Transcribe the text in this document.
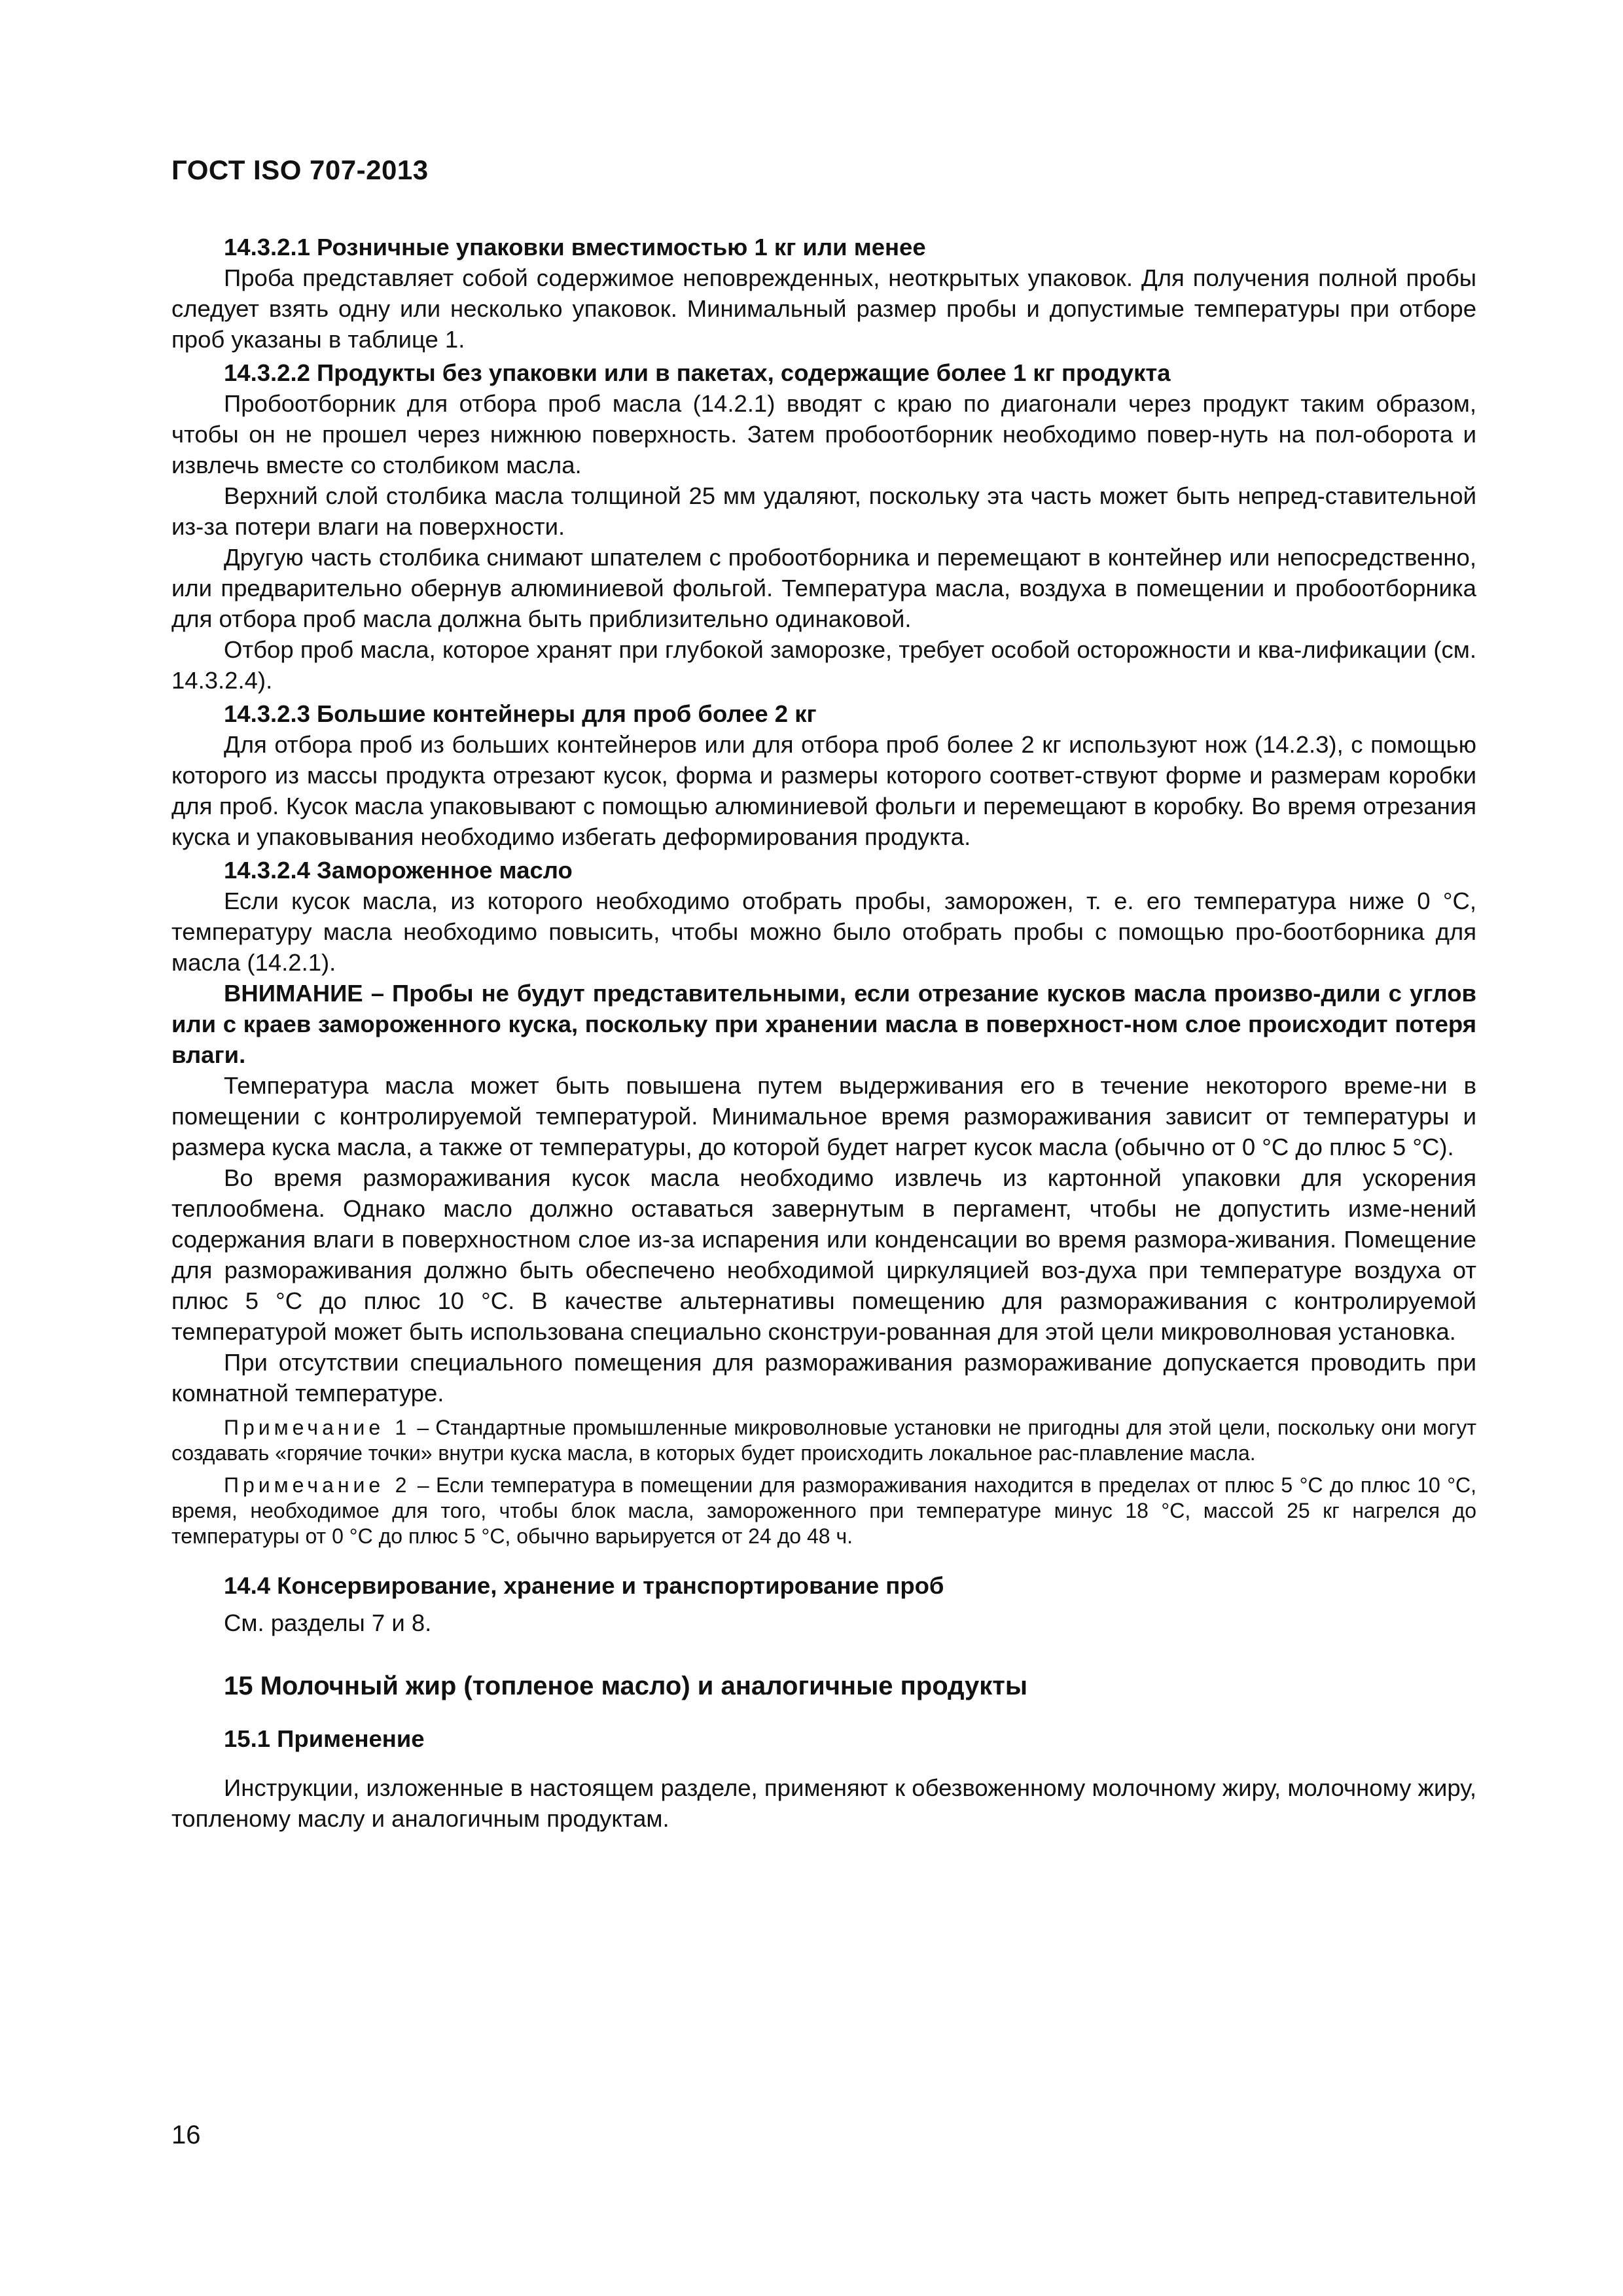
ГОСТ ISO 707-2013

14.3.2.1 Розничные упаковки вместимостью 1 кг или менее

Проба представляет собой содержимое неповрежденных, неоткрытых упаковок. Для получения полной пробы следует взять одну или несколько упаковок. Минимальный размер пробы и допустимые температуры при отборе проб указаны в таблице 1.

14.3.2.2 Продукты без упаковки или в пакетах, содержащие более 1 кг продукта

Пробоотборник для отбора проб масла (14.2.1) вводят с краю по диагонали через продукт таким образом, чтобы он не прошел через нижнюю поверхность. Затем пробоотборник необходимо повер-нуть на пол-оборота и извлечь вместе со столбиком масла.

Верхний слой столбика масла толщиной 25 мм удаляют, поскольку эта часть может быть непред-ставительной из-за потери влаги на поверхности.

Другую часть столбика снимают шпателем с пробоотборника и перемещают в контейнер или непосредственно, или предварительно обернув алюминиевой фольгой. Температура масла, воздуха в помещении и пробоотборника для отбора проб масла должна быть приблизительно одинаковой.

Отбор проб масла, которое хранят при глубокой заморозке, требует особой осторожности и ква-лификации (см. 14.3.2.4).

14.3.2.3 Большие контейнеры для проб более 2 кг

Для отбора проб из больших контейнеров или для отбора проб более 2 кг используют нож (14.2.3), с помощью которого из массы продукта отрезают кусок, форма и размеры которого соответ-ствуют форме и размерам коробки для проб. Кусок масла упаковывают с помощью алюминиевой фольги и перемещают в коробку. Во время отрезания куска и упаковывания необходимо избегать деформирования продукта.

14.3.2.4 Замороженное масло

Если кусок масла, из которого необходимо отобрать пробы, заморожен, т. е. его температура ниже 0 °С, температуру масла необходимо повысить, чтобы можно было отобрать пробы с помощью про-боотборника для масла (14.2.1).

ВНИМАНИЕ – Пробы не будут представительными, если отрезание кусков масла произво-дили с углов или с краев замороженного куска, поскольку при хранении масла в поверхност-ном слое происходит потеря влаги.

Температура масла может быть повышена путем выдерживания его в течение некоторого време-ни в помещении с контролируемой температурой. Минимальное время размораживания зависит от температуры и размера куска масла, а также от температуры, до которой будет нагрет кусок масла (обычно от 0 °С до плюс 5 °С).

Во время размораживания кусок масла необходимо извлечь из картонной упаковки для ускорения теплообмена. Однако масло должно оставаться завернутым в пергамент, чтобы не допустить изме-нений содержания влаги в поверхностном слое из-за испарения или конденсации во время размора-живания. Помещение для размораживания должно быть обеспечено необходимой циркуляцией воз-духа при температуре воздуха от плюс 5 °С до плюс 10 °С. В качестве альтернативы помещению для размораживания с контролируемой температурой может быть использована специально сконструи-рованная для этой цели микроволновая установка.

При отсутствии специального помещения для размораживания размораживание допускается проводить при комнатной температуре.

Примечание 1 – Стандартные промышленные микроволновые установки не пригодны для этой цели, поскольку они могут создавать «горячие точки» внутри куска масла, в которых будет происходить локальное рас-плавление масла.

Примечание 2 – Если температура в помещении для размораживания находится в пределах от плюс 5 °С до плюс 10 °С, время, необходимое для того, чтобы блок масла, замороженного при температуре минус 18 °С, массой 25 кг нагрелся до температуры от 0 °С до плюс 5 °С, обычно варьируется от 24 до 48 ч.

14.4 Консервирование, хранение и транспортирование проб

См. разделы 7 и 8.

15 Молочный жир (топленое масло) и аналогичные продукты

15.1 Применение

Инструкции, изложенные в настоящем разделе, применяют к обезвоженному молочному жиру, молочному жиру, топленому маслу и аналогичным продуктам.

16
